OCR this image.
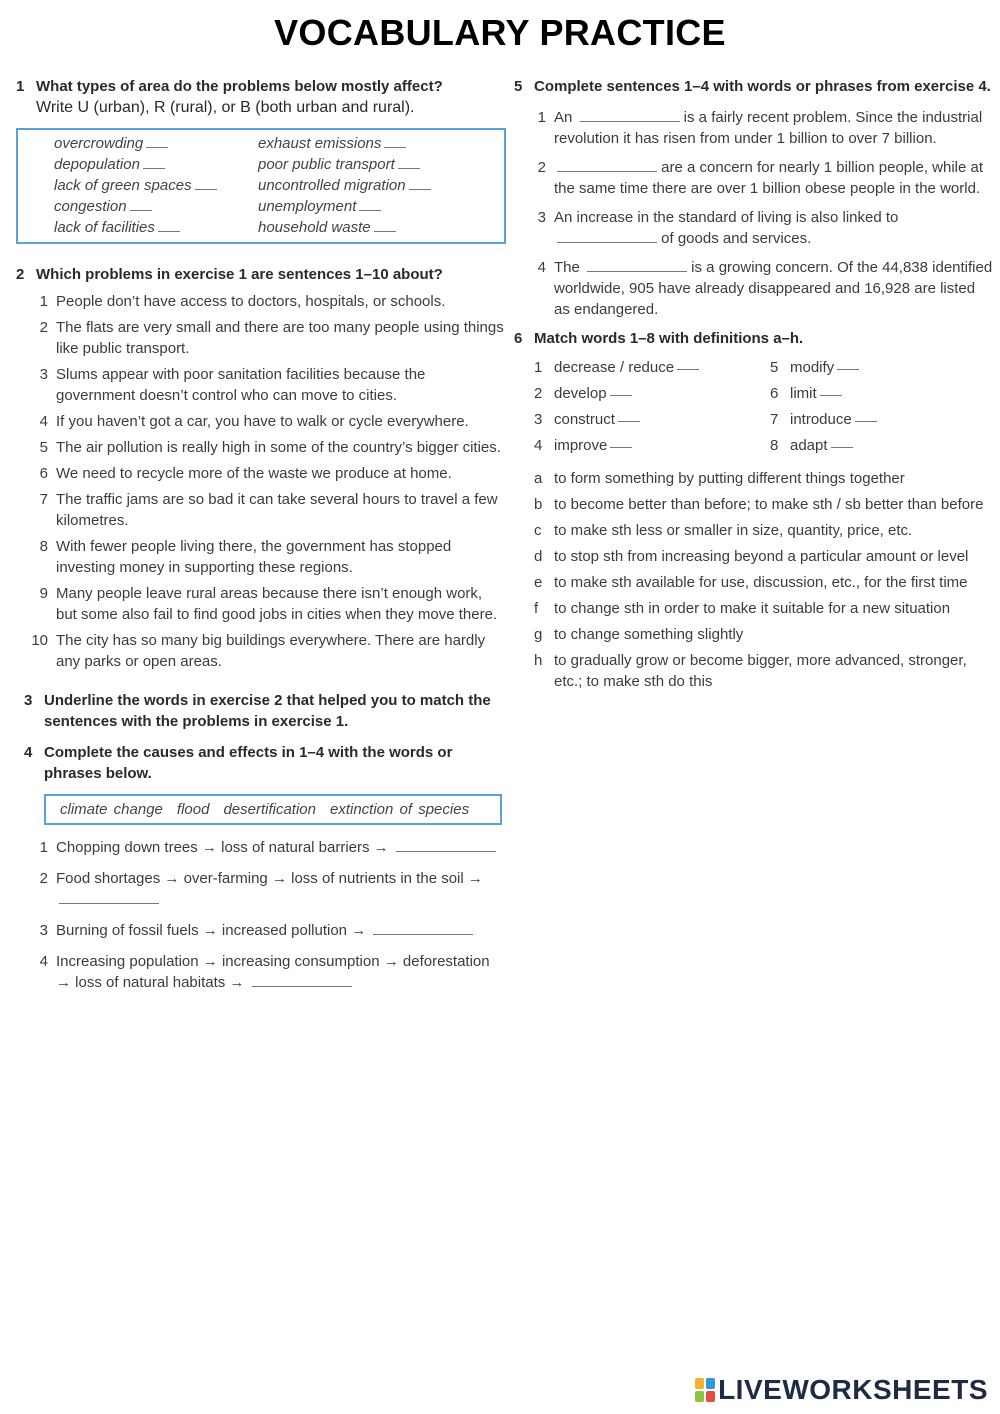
VOCABULARY PRACTICE
1 What types of area do the problems below mostly affect?
Write U (urban), R (rural), or B (both urban and rural).
overcrowding	exhaust emissions
depopulation	poor public transport
lack of green spaces	uncontrolled migration
congestion	unemployment
lack of facilities	household waste
2 Which problems in exercise 1 are sentences 1–10 about?
1 People don’t have access to doctors, hospitals, or schools.
2 The flats are very small and there are too many people using things like public transport.
3 Slums appear with poor sanitation facilities because the government doesn’t control who can move to cities.
4 If you haven’t got a car, you have to walk or cycle everywhere.
5 The air pollution is really high in some of the country’s bigger cities.
6 We need to recycle more of the waste we produce at home.
7 The traffic jams are so bad it can take several hours to travel a few kilometres.
8 With fewer people living there, the government has stopped investing money in supporting these regions.
9 Many people leave rural areas because there isn’t enough work, but some also fail to find good jobs in cities when they move there.
10 The city has so many big buildings everywhere. There are hardly any parks or open areas.
3 Underline the words in exercise 2 that helped you to match the sentences with the problems in exercise 1.
4 Complete the causes and effects in 1–4 with the words or phrases below.
climate change flood desertification extinction of species
1 Chopping down trees → loss of natural barriers →
2 Food shortages → over-farming → loss of nutrients in the soil →
3 Burning of fossil fuels → increased pollution →
4 Increasing population → increasing consumption → deforestation → loss of natural habitats →
5 Complete sentences 1–4 with words or phrases from exercise 4.
1 An	is a fairly recent problem. Since the industrial revolution it has risen from under 1 billion to over 7 billion.
2	are a concern for nearly 1 billion people, while at the same time there are over 1 billion obese people in the world.
3 An increase in the standard of living is also linked to  of goods and services.
4 The	is a growing concern. Of the 44,838 identified worldwide, 905 have already disappeared and 16,928 are listed as endangered.
6 Match words 1–8 with definitions a–h.
1 decrease / reduce	5 modify
2 develop	6 limit
3 construct	7 introduce
4 improve	8 adapt
a to form something by putting different things together
b to become better than before; to make sth / sb better than before
c to make sth less or smaller in size, quantity, price, etc.
d to stop sth from increasing beyond a particular amount or level
e to make sth available for use, discussion, etc., for the first time
f	to change sth in order to make it suitable for a new situation
g to change something slightly
h to gradually grow or become bigger, more advanced, stronger, etc.; to make sth do this
LIVEWORKSHEETS
